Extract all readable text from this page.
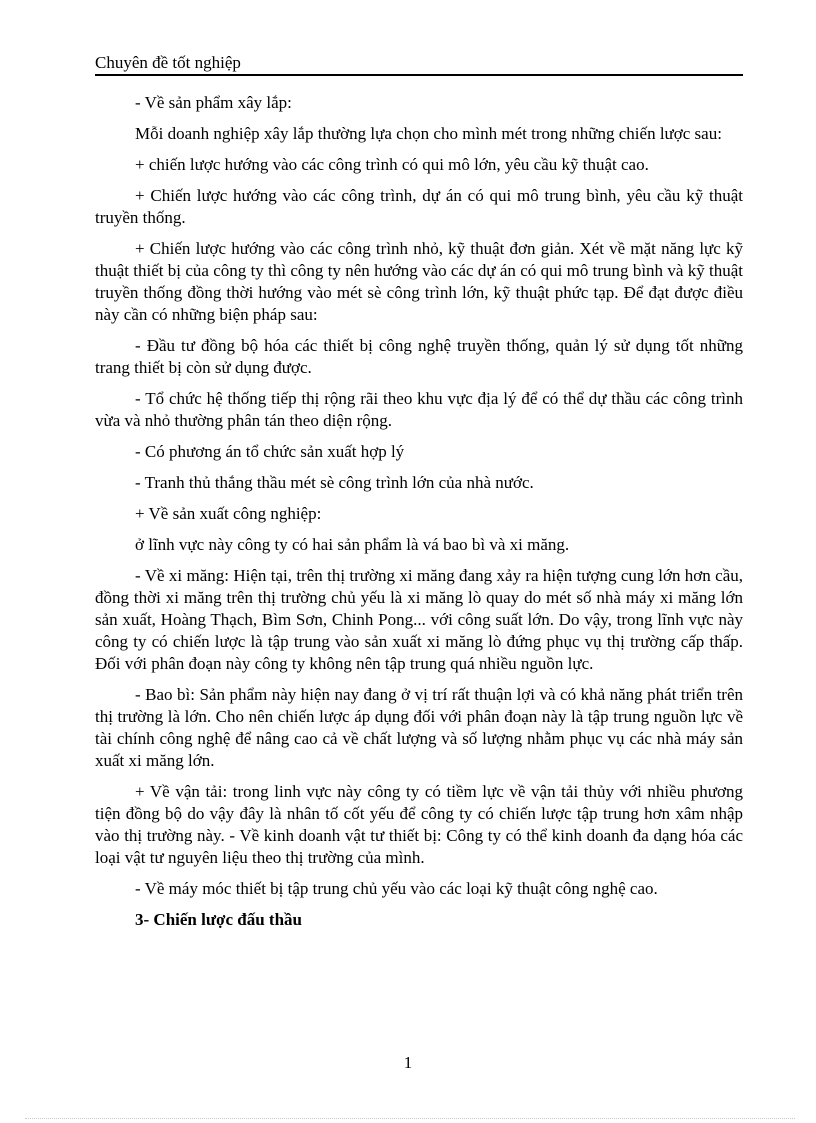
Chuyên đề tốt nghiệp

- Về sản phẩm xây lắp:

Mỗi doanh nghiệp xây lắp thường lựa chọn cho mình mét trong những chiến lược sau:

+ chiến lược hướng vào các công trình có qui mô lớn, yêu cầu kỹ thuật cao.

+ Chiến lược hướng vào các công trình, dự án có qui mô trung bình, yêu cầu kỹ thuật truyền thống.

+ Chiến lược hướng vào các công trình nhỏ, kỹ thuật đơn giản. Xét về mặt năng lực kỹ thuật thiết bị của công ty thì công ty nên hướng vào các dự án có qui mô trung bình và kỹ thuật truyền thống đồng thời hướng vào mét sè công trình lớn, kỹ thuật phức tạp. Để đạt được điều này cần có những biện pháp sau:

- Đầu tư đồng bộ hóa các thiết bị công nghệ truyền thống, quản lý sử dụng tốt những trang thiết bị còn sử dụng được.

- Tổ chức hệ thống tiếp thị rộng rãi theo khu vực địa lý để có thể dự thầu các công trình vừa và nhỏ thường phân tán theo diện rộng.

- Có phương án tổ chức sản xuất hợp lý

- Tranh thủ thắng thầu mét sè công trình lớn của nhà nước.

+ Về sản xuất công nghiệp:

ở lĩnh vực này công ty có hai sản phẩm là vá bao bì và xi măng.

- Về xi măng: Hiện tại, trên thị trường xi măng đang xảy ra hiện tượng cung lớn hơn cầu, đồng thời xi măng trên thị trường chủ yếu là xi măng lò quay do mét số nhà máy xi măng lớn sản xuất, Hoàng Thạch, Bìm Sơn, Chinh Pong... với công suất lớn. Do vậy, trong lĩnh vực này công ty có chiến lược là tập trung vào sản xuất xi măng lò đứng phục vụ thị trường cấp thấp. Đối với phân đoạn này công ty không nên tập trung quá nhiều nguồn lực.

- Bao bì: Sản phẩm này hiện nay đang ở vị trí rất thuận lợi và có khả năng phát triển trên thị trường là lớn. Cho nên chiến lược áp dụng đối với phân đoạn này là tập trung nguồn lực về tài chính công nghệ để nâng cao cả về chất lượng và số lượng nhằm phục vụ các nhà máy sản xuất xi măng lớn.

+ Về vận tải: trong linh vực này công ty có tiềm lực về vận tải thủy với nhiều phương tiện đồng bộ do vậy đây là nhân tố cốt yếu để công ty có chiến lược tập trung hơn xâm nhập vào thị trường này. - Về kinh doanh vật tư thiết bị: Công ty có thể kinh doanh đa dạng hóa các loại vật tư nguyên liệu theo thị trường của mình.

- Về máy móc thiết bị tập trung chủ yếu vào các loại kỹ thuật công nghệ cao.

3- Chiến lược đấu thầu

1
